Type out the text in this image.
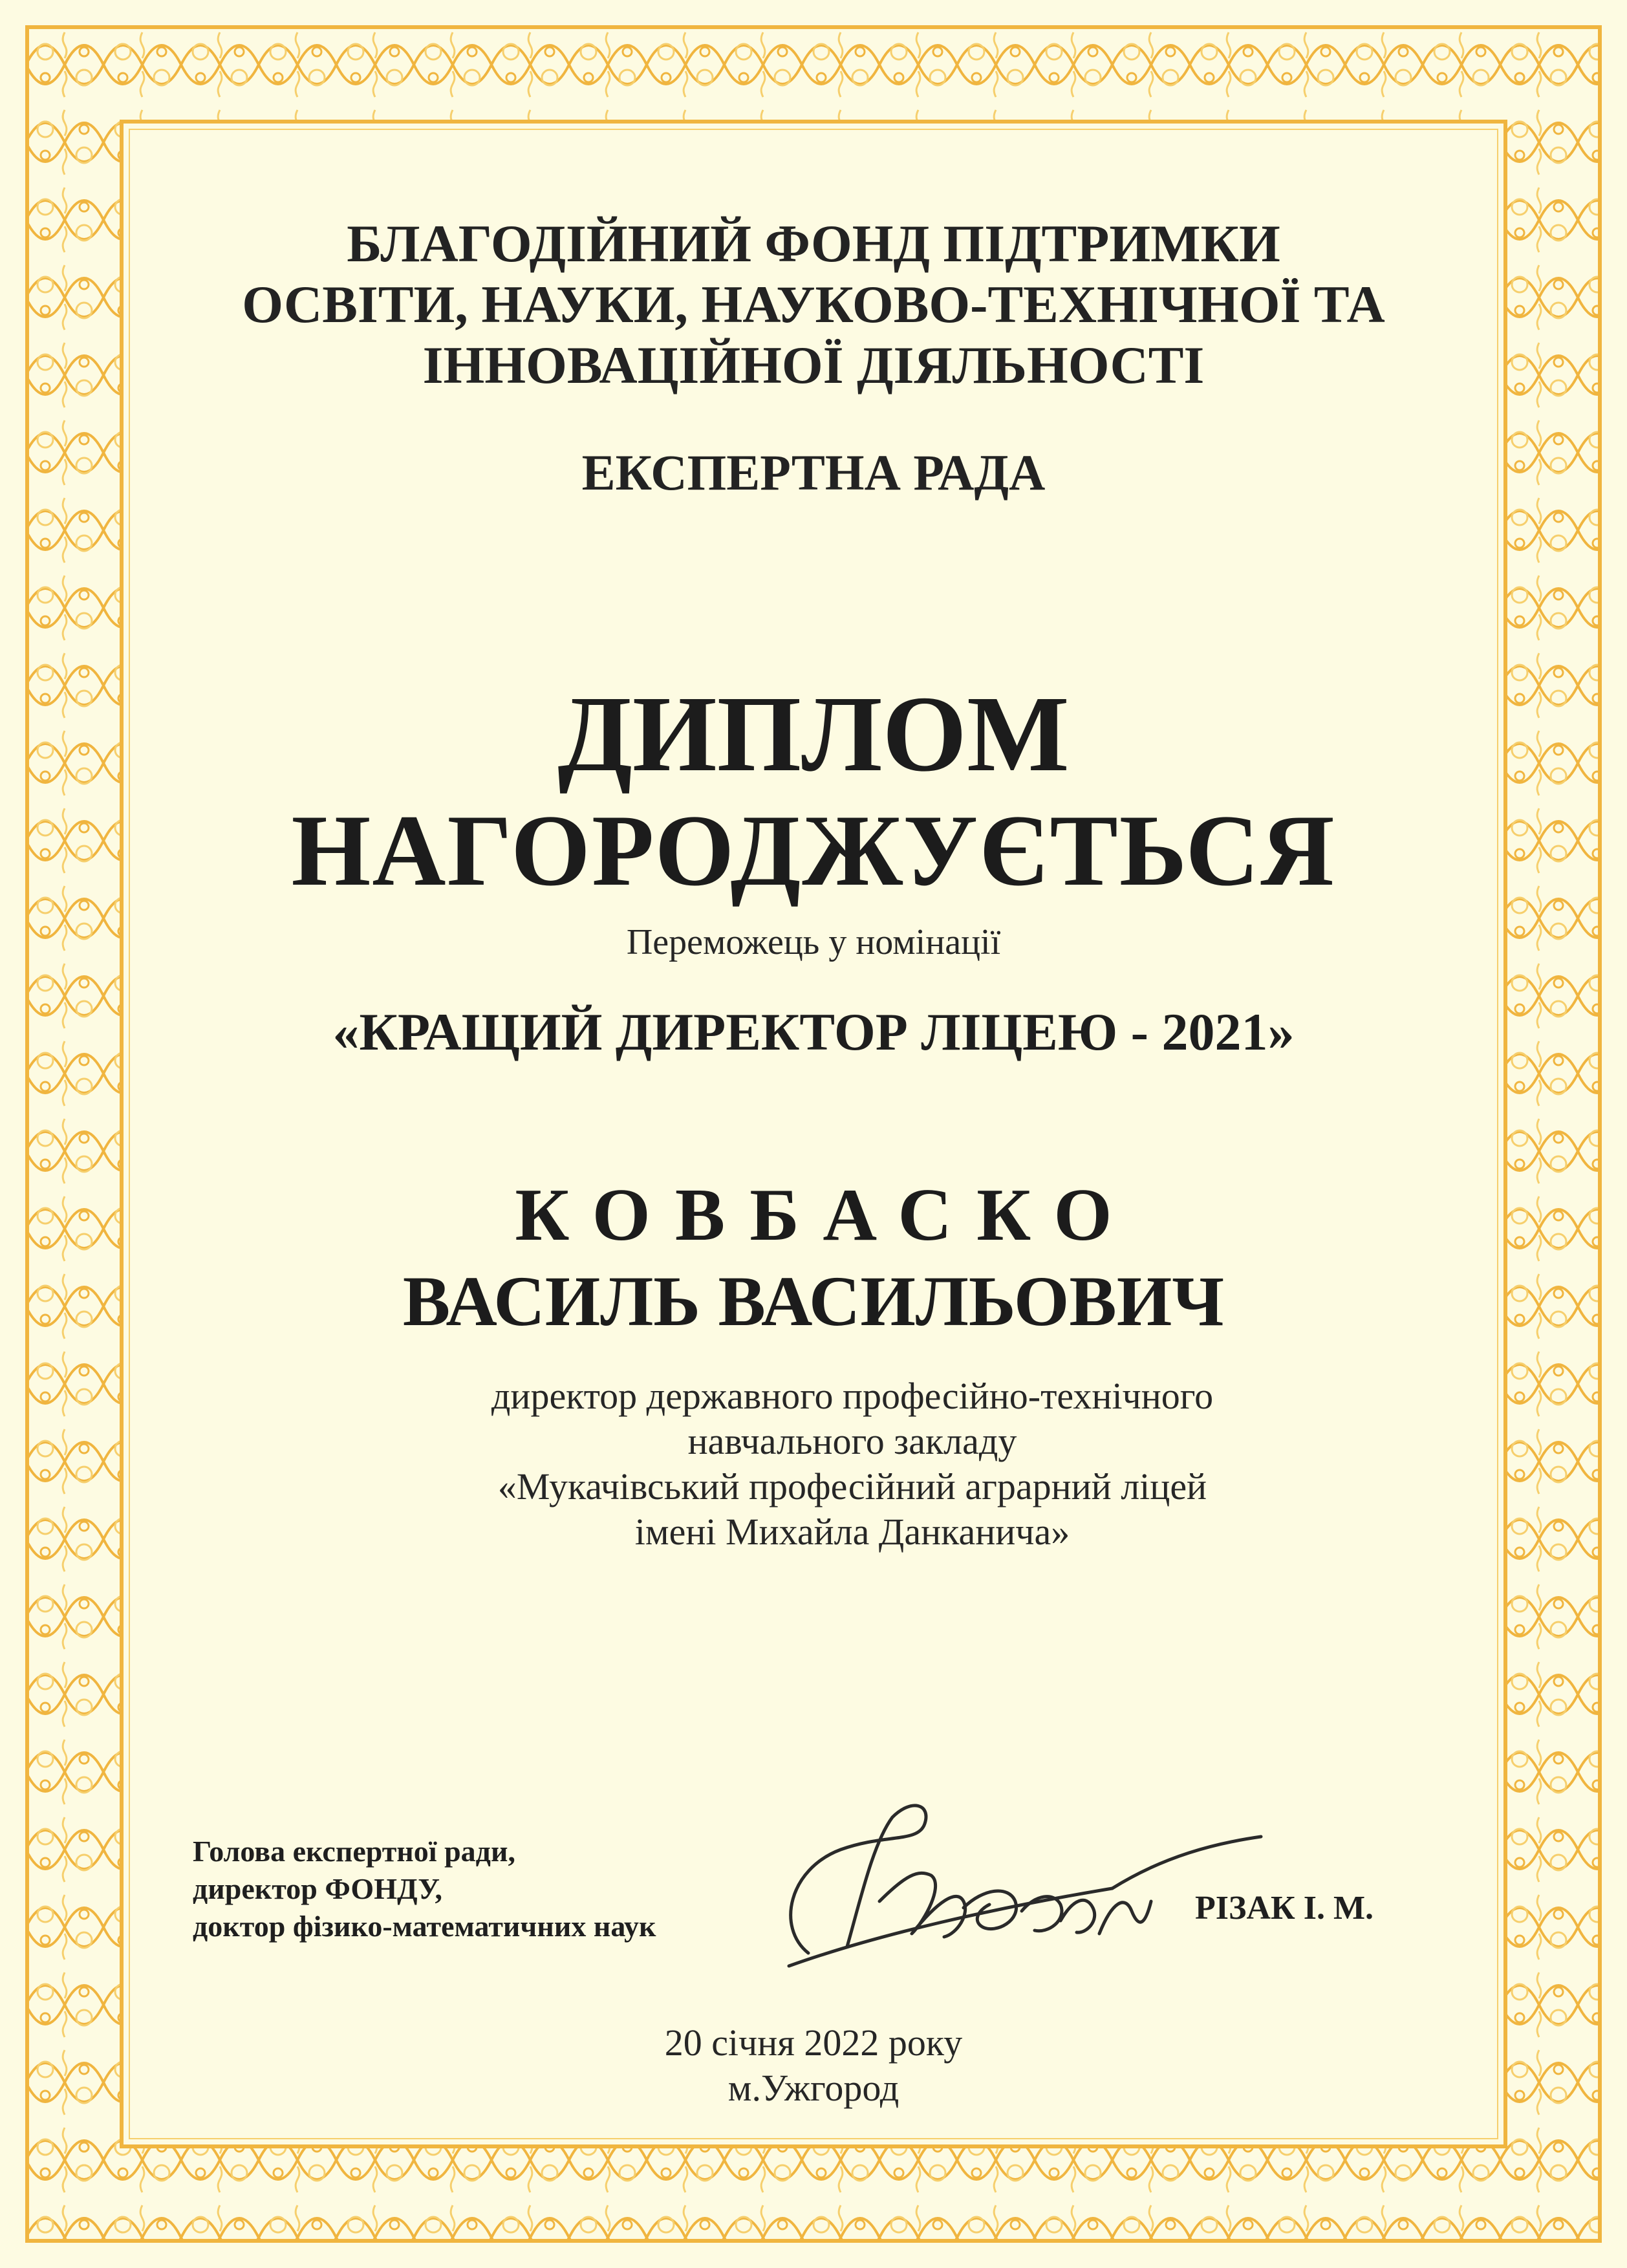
БЛАГОДІЙНИЙ ФОНД ПІДТРИМКИ
ОСВІТИ, НАУКИ, НАУКОВО-ТЕХНІЧНОЇ ТА
ІННОВАЦІЙНОЇ ДІЯЛЬНОСТІ
ЕКСПЕРТНА РАДА
ДИПЛОМ
НАГОРОДЖУЄТЬСЯ
Переможець у номінації
«КРАЩИЙ ДИРЕКТОР ЛІЦЕЮ - 2021»
КОВБАСКО
ВАСИЛЬ ВАСИЛЬОВИЧ
директор державного професійно-технічного
навчального закладу
«Мукачівський професійний аграрний ліцей
імені Михайла Данканича»
Голова експертної ради,
директор ФОНДУ,
доктор фізико-математичних наук	РІЗАК І. М.
20 січня 2022 року
м.Ужгород
